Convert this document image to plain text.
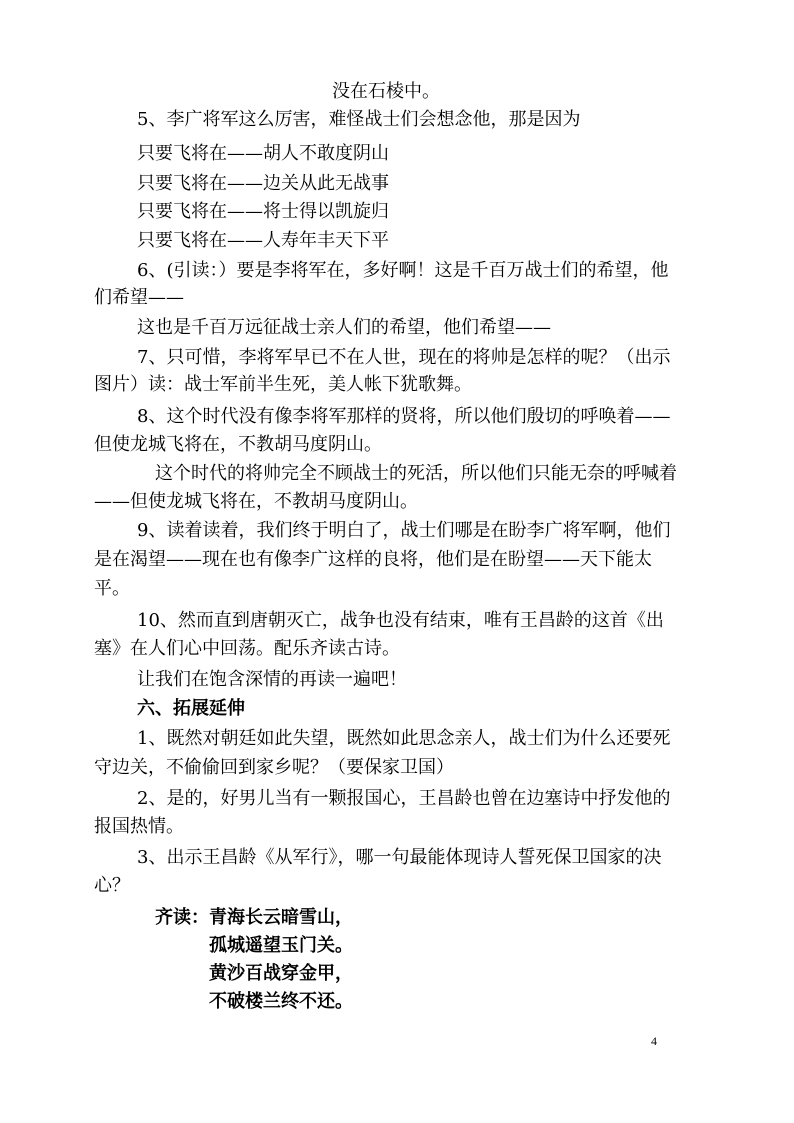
没在石棱中。
5、李广将军这么厉害，难怪战士们会想念他，那是因为
只要飞将在——胡人不敢度阴山
只要飞将在——边关从此无战事
只要飞将在——将士得以凯旋归
只要飞将在——人寿年丰天下平
6、(引读：）要是李将军在，多好啊！这是千百万战士们的希望，他
们希望——
这也是千百万远征战士亲人们的希望，他们希望——
7、只可惜，李将军早已不在人世，现在的将帅是怎样的呢？（出示
图片）读：战士军前半生死，美人帐下犹歌舞。
8、这个时代没有像李将军那样的贤将，所以他们殷切的呼唤着——
但使龙城飞将在，不教胡马度阴山。
这个时代的将帅完全不顾战士的死活，所以他们只能无奈的呼喊着
——但使龙城飞将在，不教胡马度阴山。
9、读着读着，我们终于明白了，战士们哪是在盼李广将军啊，他们
是在渴望——现在也有像李广这样的良将，他们是在盼望——天下能太
平。
10、然而直到唐朝灭亡，战争也没有结束，唯有王昌龄的这首《出
塞》在人们心中回荡。配乐齐读古诗。
让我们在饱含深情的再读一遍吧！
六、拓展延伸
1、既然对朝廷如此失望，既然如此思念亲人，战士们为什么还要死
守边关，不偷偷回到家乡呢？（要保家卫国）
2、是的，好男儿当有一颗报国心，王昌龄也曾在边塞诗中抒发他的
报国热情。
3、出示王昌龄《从军行》，哪一句最能体现诗人誓死保卫国家的决
心？
齐读：青海长云暗雪山，
孤城遥望玉门关。
黄沙百战穿金甲，
不破楼兰终不还。
4
